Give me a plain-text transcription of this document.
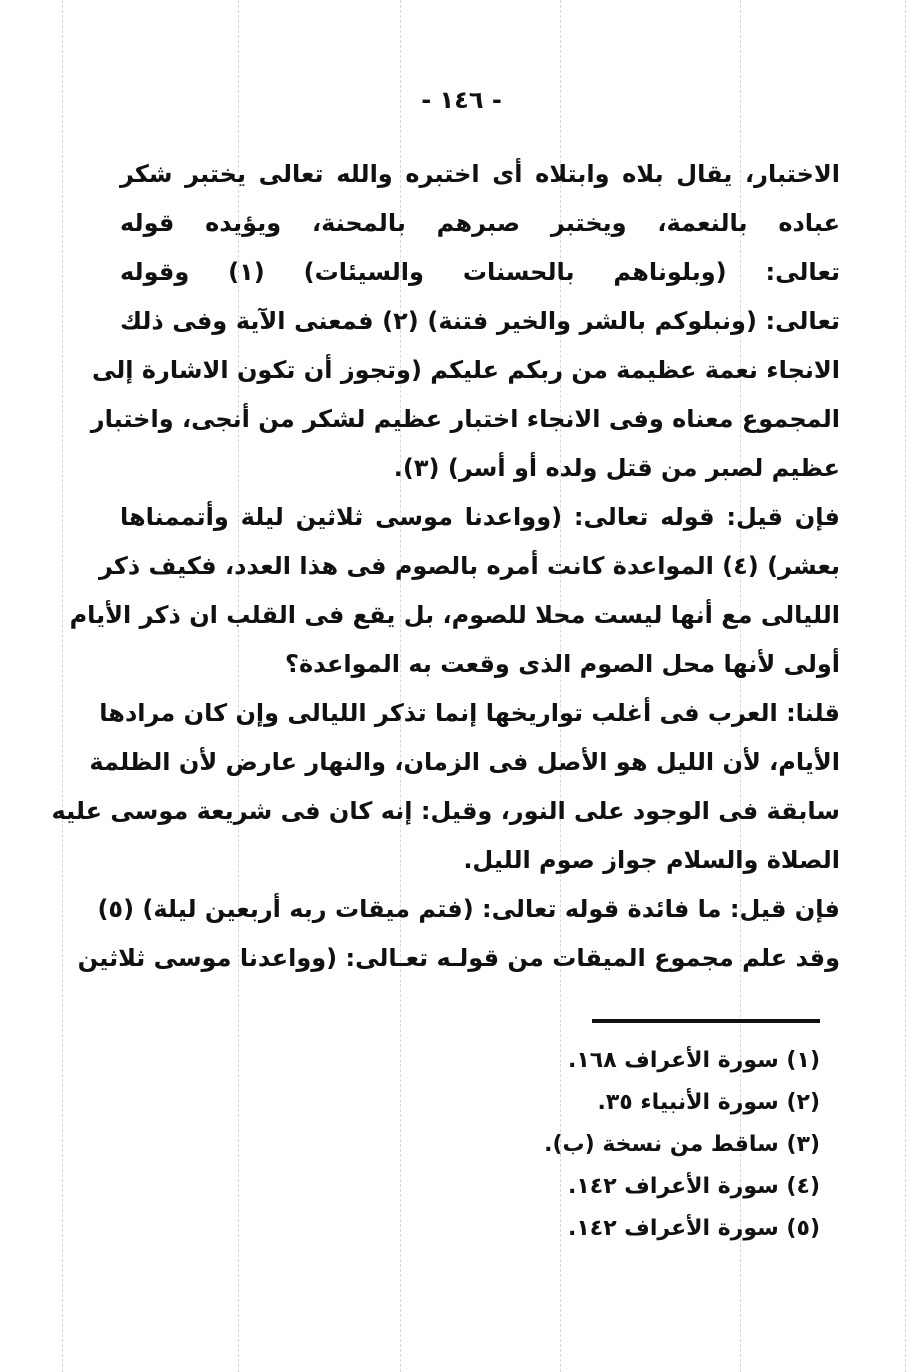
- ١٤٦ -
الاختبار، يقال بلاه وابتلاه أى اختبره والله تعالى يختبر شكر
عباده بالنعمة، ويختبر صبرهم بالمحنة، ويؤيده قوله
تعالى: (وبلوناهم بالحسنات والسيئات) (١) وقوله
تعالى: (ونبلوكم بالشر والخير فتنة) (٢) فمعنى الآية وفى ذلك
الانجاء نعمة عظيمة من ربكم عليكم (وتجوز أن تكون الاشارة إلى
المجموع معناه وفى الانجاء اختبار عظيم لشكر من أنجى، واختبار
عظيم لصبر من قتل ولده أو أسر) (٣).
فإن قيل: قوله تعالى: (وواعدنا موسى ثلاثين ليلة وأتممناها
بعشر) (٤) المواعدة كانت أمره بالصوم فى هذا العدد، فكيف ذكر
الليالى مع أنها ليست محلا للصوم، بل يقع فى القلب ان ذكر الأيام
أولى لأنها محل الصوم الذى وقعت به المواعدة؟
قلنا: العرب فى أغلب تواريخها إنما تذكر الليالى وإن كان مرادها
الأيام، لأن الليل هو الأصل فى الزمان، والنهار عارض لأن الظلمة
سابقة فى الوجود على النور، وقيل: إنه كان فى شريعة موسى عليه
الصلاة والسلام جواز صوم الليل.
فإن قيل: ما فائدة قوله تعالى: (فتم ميقات ربه أربعين ليلة) (٥)
وقد علم مجموع الميقات من قولـه تعـالى: (وواعدنا موسى ثلاثين
(١) سورة الأعراف ١٦٨.
(٢) سورة الأنبياء ٣٥.
(٣) ساقط من نسخة (ب).
(٤) سورة الأعراف ١٤٢.
(٥) سورة الأعراف ١٤٢.
